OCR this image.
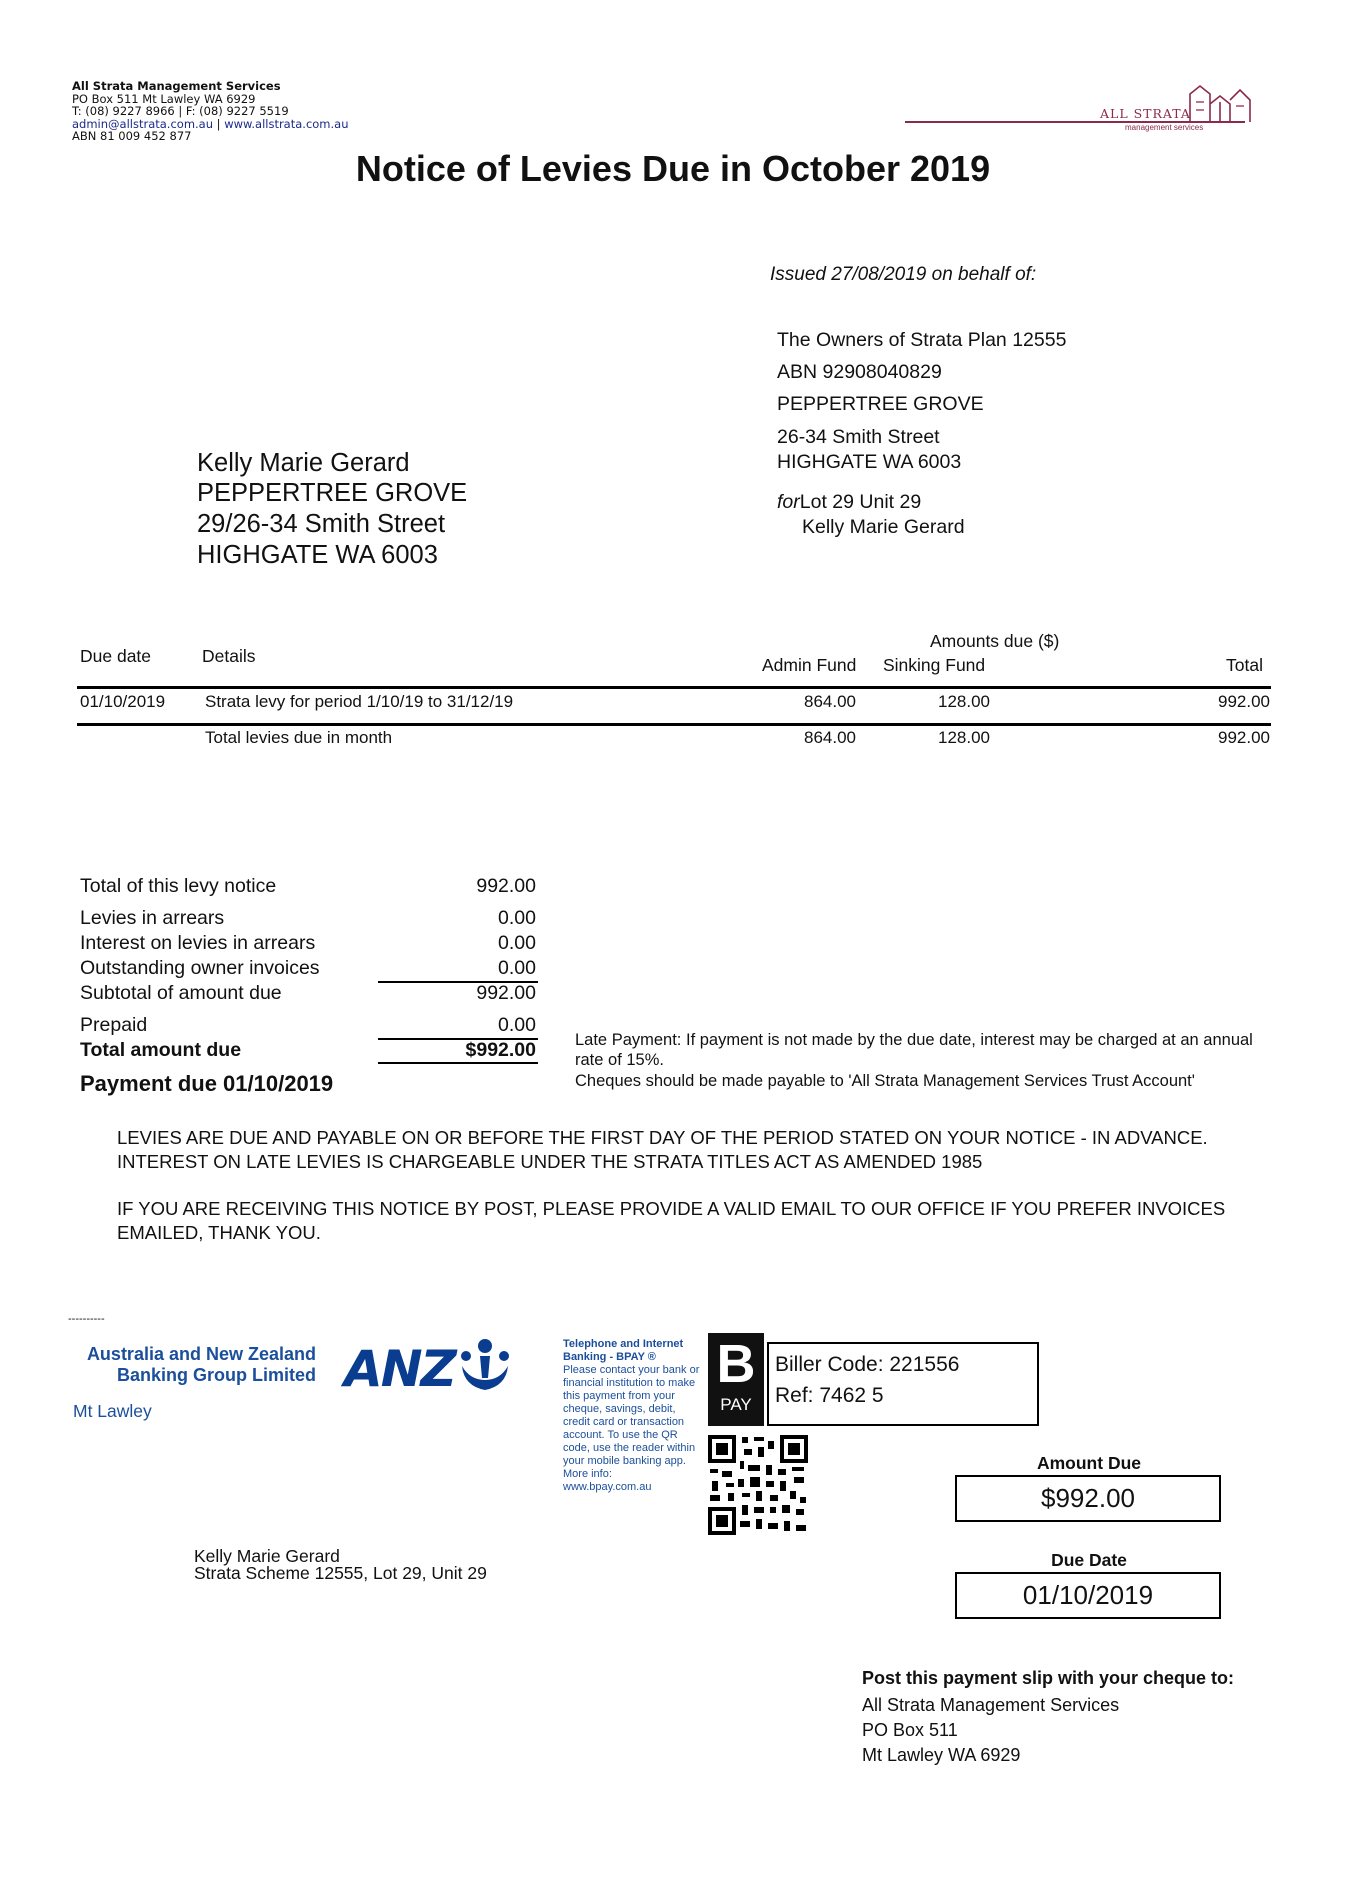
All Strata Management Services
PO Box 511 Mt Lawley WA 6929
T: (08) 9227 8966 | F: (08) 9227 5519
admin@allstrata.com.au | www.allstrata.com.au
ABN 81 009 452 877
ALL STRATA
management services
Notice of Levies Due in October 2019
Issued 27/08/2019 on behalf of:
The Owners of Strata Plan 12555
ABN 92908040829
PEPPERTREE GROVE
26-34 Smith Street
HIGHGATE WA 6003
forLot 29 Unit 29
Kelly Marie Gerard
Kelly Marie Gerard
PEPPERTREE GROVE
29/26-34 Smith Street
HIGHGATE WA 6003
Due date	Details
Amounts due ($)
Admin Fund Sinking Fund	Total
01/10/2019 Strata levy for period 1/10/19 to 31/12/19	864.00	128.00	992.00
Total levies due in month	864.00	128.00	992.00
Total of this levy notice	992.00
Levies in arrears	0.00
Interest on levies in arrears	0.00
Outstanding owner invoices	0.00
Subtotal of amount due	992.00
Prepaid	0.00
Total amount due	$992.00
Payment due 01/10/2019
Late Payment: If payment is not made by the due date, interest may be charged at an annual rate of 15%.
Cheques should be made payable to 'All Strata Management Services Trust Account'
LEVIES ARE DUE AND PAYABLE ON OR BEFORE THE FIRST DAY OF THE PERIOD STATED ON YOUR NOTICE - IN ADVANCE. INTEREST ON LATE LEVIES IS CHARGEABLE UNDER THE STRATA TITLES ACT AS AMENDED 1985
IF YOU ARE RECEIVING THIS NOTICE BY POST, PLEASE PROVIDE A VALID EMAIL TO OUR OFFICE IF YOU PREFER INVOICES EMAILED, THANK YOU.
----------
Australia and New Zealand Banking Group Limited
Mt Lawley
ANZ	Telephone and Internet Banking - BPAY ®
Please contact your bank or financial institution to make this payment from your cheque, savings, debit, credit card or transaction account. To use the QR code, use the reader within your mobile banking app. More info: www.bpay.com.au
B
PAY
Biller Code: 221556
Ref: 7462 5
Amount Due
$992.00
Due Date
01/10/2019
Kelly Marie Gerard
Strata Scheme 12555, Lot 29, Unit 29
Post this payment slip with your cheque to:
All Strata Management Services
PO Box 511
Mt Lawley WA 6929
